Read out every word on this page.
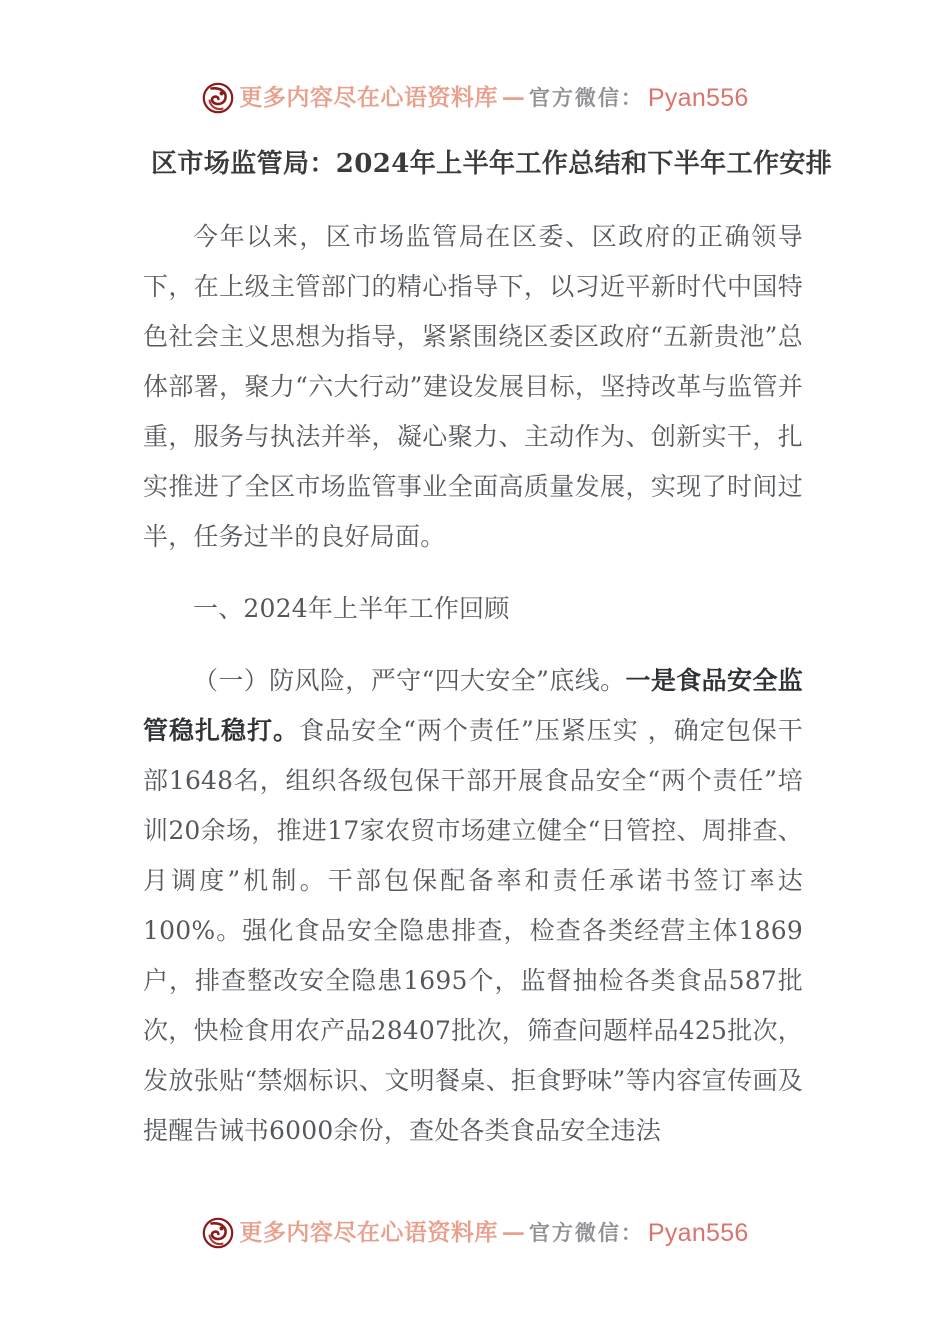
更多内容尽在心语资料库 — 官方微信： Pyan556
区市场监管局：2024年上半年工作总结和下半年工作安排

今年以来，区市场监管局在区委、区政府的正确领导下，在上级主管部门的精心指导下，以习近平新时代中国特色社会主义思想为指导，紧紧围绕区委区政府“五新贵池”总体部署，聚力“六大行动”建设发展目标，坚持改革与监管并重，服务与执法并举，凝心聚力、主动作为、创新实干，扎实推进了全区市场监管事业全面高质量发展，实现了时间过半，任务过半的良好局面。

一、2024年上半年工作回顾

（一）防风险，严守“四大安全”底线。一是食品安全监管稳扎稳打。食品安全“两个责任”压紧压实 ，确定包保干部1648名，组织各级包保干部开展食品安全“两个责任”培训20余场，推进17家农贸市场建立健全“日管控、周排查、月调度”机制。干部包保配备率和责任承诺书签订率达100%。强化食品安全隐患排查，检查各类经营主体1869户，排查整改安全隐患1695个，监督抽检各类食品587批次，快检食用农产品28407批次，筛查问题样品425批次，发放张贴“禁烟标识、文明餐桌、拒食野味”等内容宣传画及提醒告诫书6000余份，查处各类食品安全违法

更多内容尽在心语资料库 — 官方微信： Pyan556
